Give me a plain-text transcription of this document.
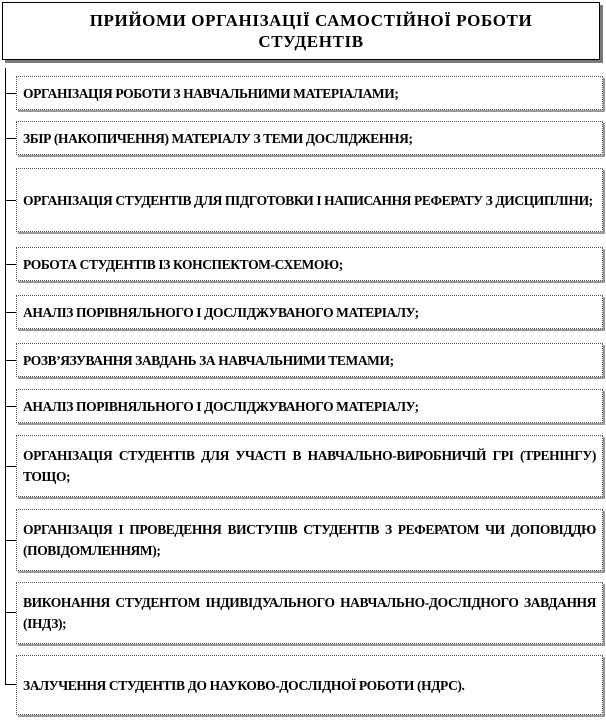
ПРИЙОМИ ОРГАНІЗАЦІЇ САМОСТІЙНОЇ РОБОТИ СТУДЕНТІВ
ОРГАНІЗАЦІЯ РОБОТИ З НАВЧАЛЬНИМИ МАТЕРІАЛАМИ;
ЗБІР (НАКОПИЧЕННЯ) МАТЕРІАЛУ З ТЕМИ ДОСЛІДЖЕННЯ;
ОРГАНІЗАЦІЯ СТУДЕНТІВ ДЛЯ ПІДГОТОВКИ І НАПИСАННЯ РЕФЕРАТУ З ДИСЦИПЛІНИ;
РОБОТА СТУДЕНТІВ ІЗ КОНСПЕКТОМ-СХЕМОЮ;
АНАЛІЗ ПОРІВНЯЛЬНОГО І ДОСЛІДЖУВАНОГО МАТЕРІАЛУ;
РОЗВ’ЯЗУВАННЯ ЗАВДАНЬ ЗА НАВЧАЛЬНИМИ ТЕМАМИ;
АНАЛІЗ ПОРІВНЯЛЬНОГО І ДОСЛІДЖУВАНОГО МАТЕРІАЛУ;
ОРГАНІЗАЦІЯ СТУДЕНТІВ ДЛЯ УЧАСТІ В НАВЧАЛЬНО-ВИРОБНИЧІЙ ГРІ (ТРЕНІНГУ) ТОЩО;
ОРГАНІЗАЦІЯ І ПРОВЕДЕННЯ ВИСТУПІВ СТУДЕНТІВ З РЕФЕРАТОМ ЧИ ДОПОВІДДЮ (ПОВІДОМЛЕННЯМ);
ВИКОНАННЯ СТУДЕНТОМ ІНДИВІДУАЛЬНОГО НАВЧАЛЬНО-ДОСЛІДНОГО ЗАВДАННЯ (ІНДЗ);
ЗАЛУЧЕННЯ СТУДЕНТІВ ДО НАУКОВО-ДОСЛІДНОЇ РОБОТИ (НДРС).
